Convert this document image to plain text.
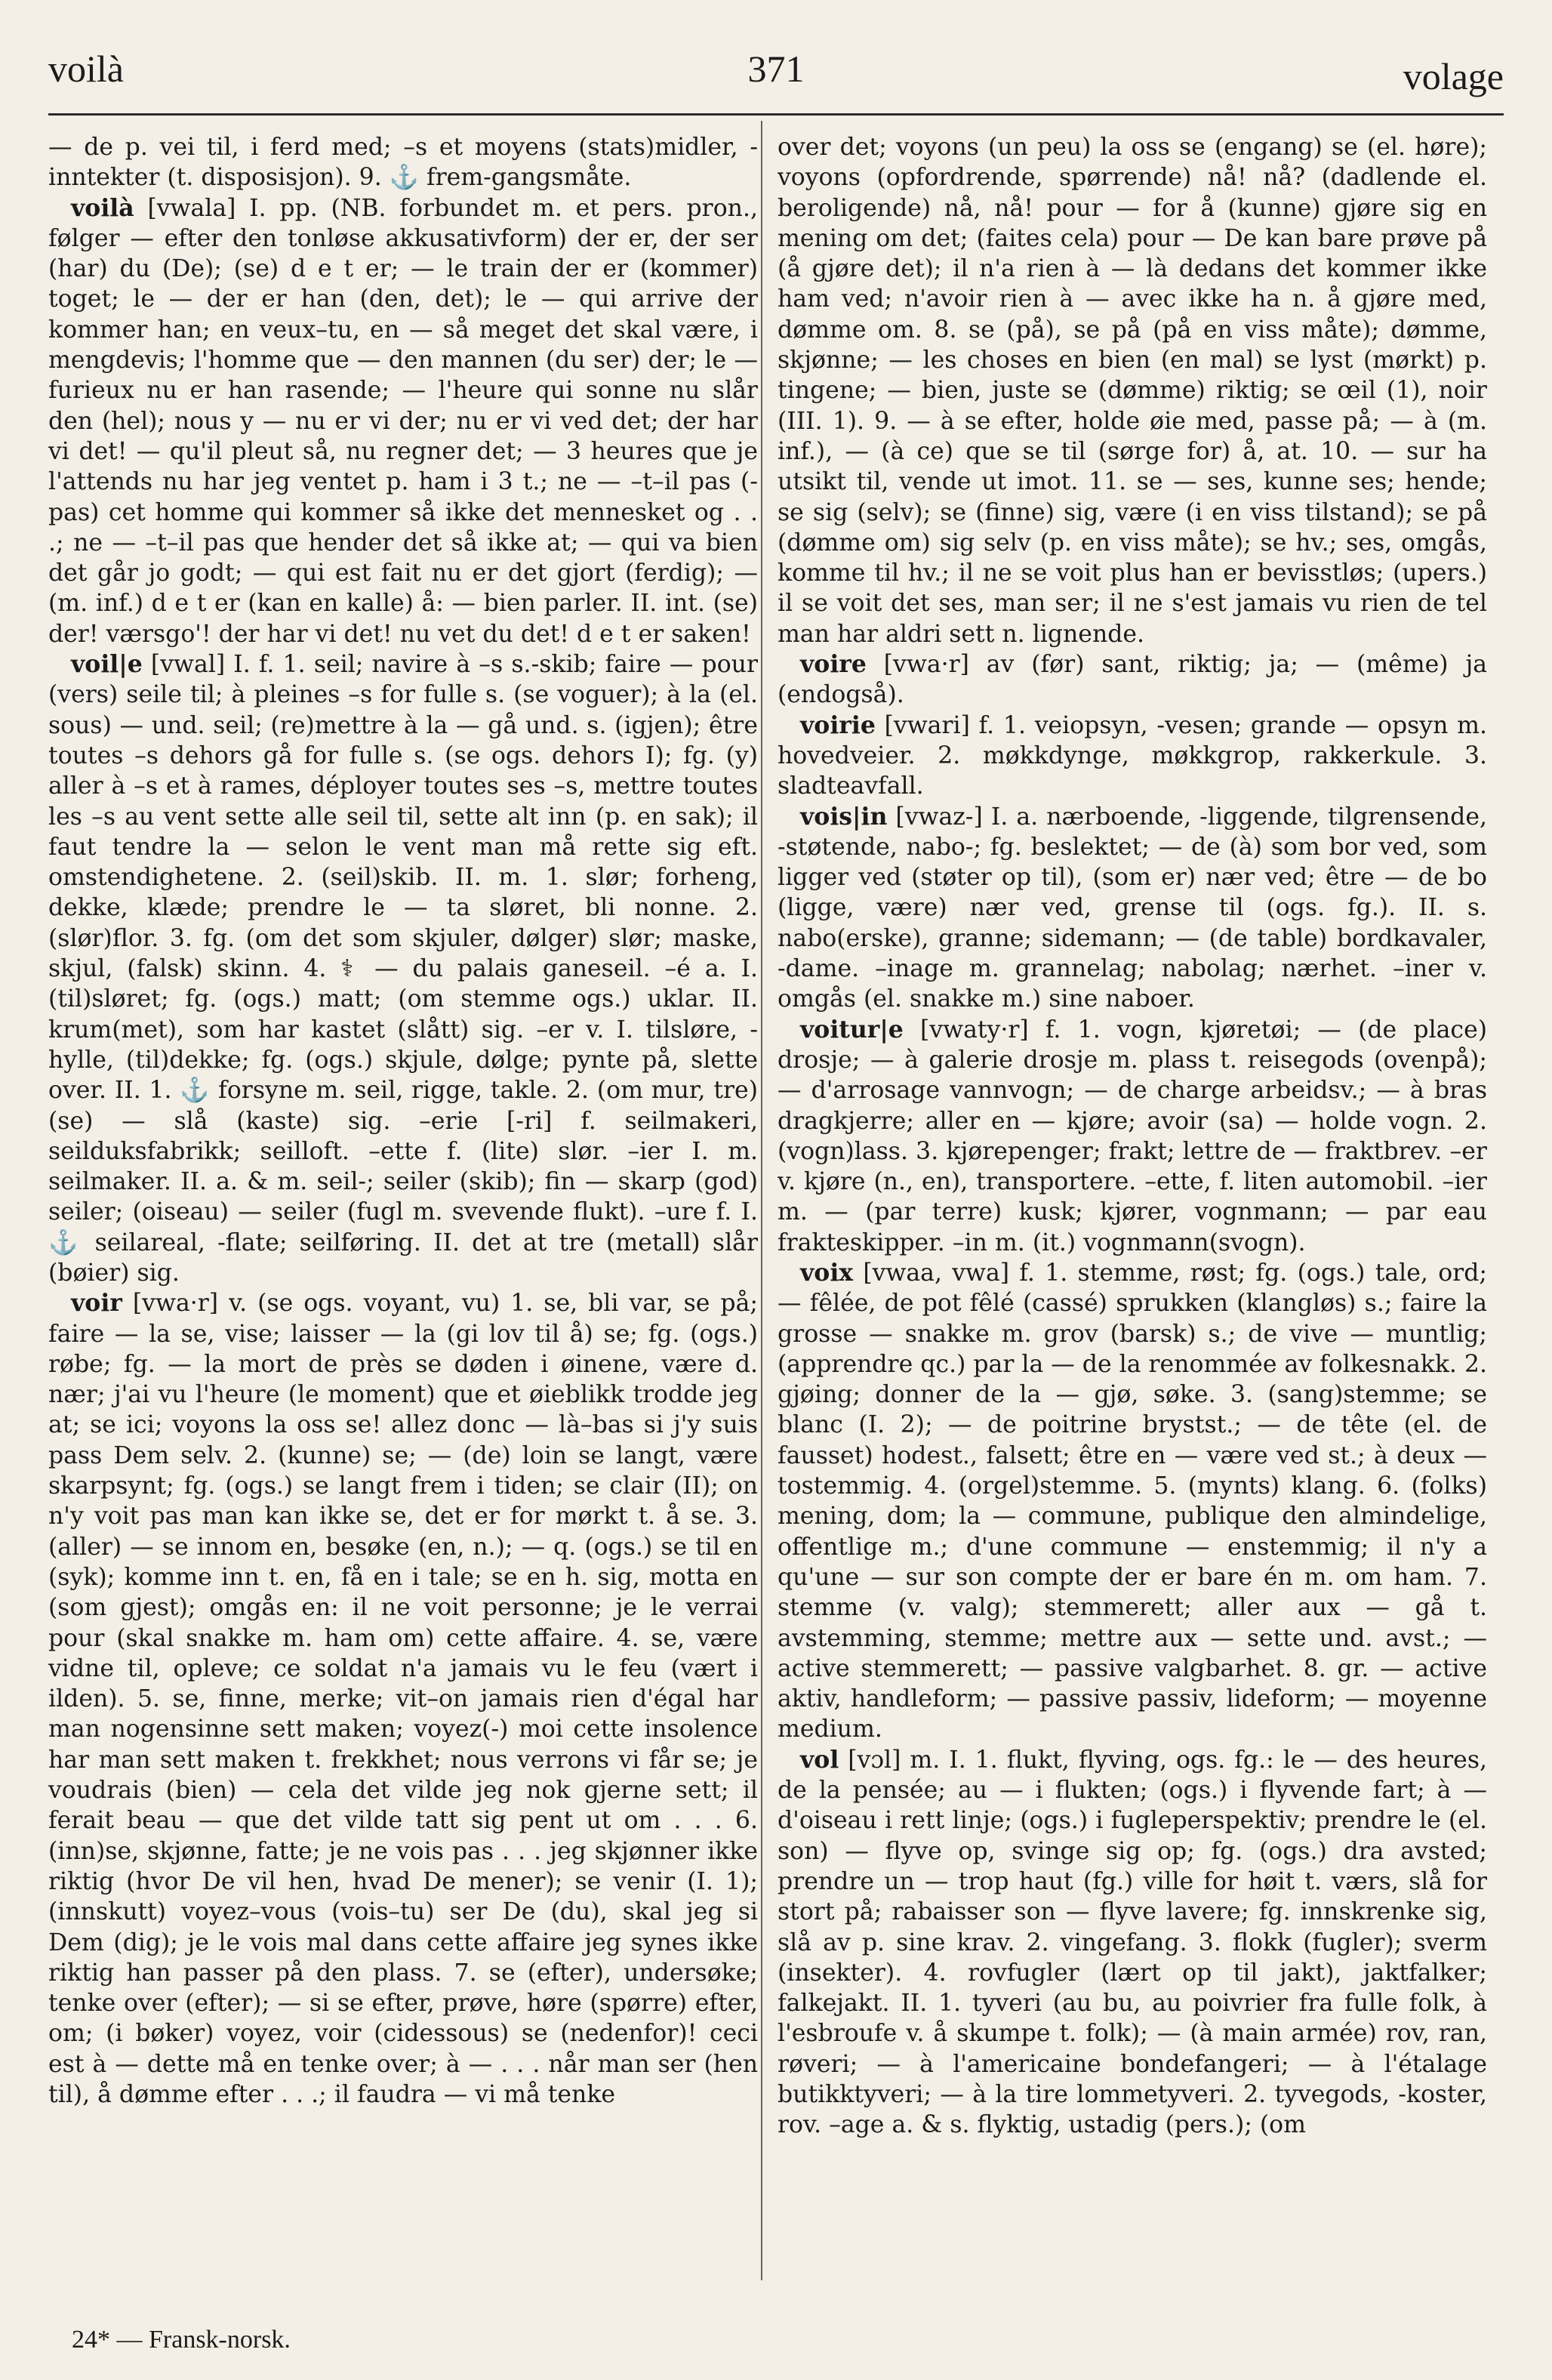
voilà	371	volage

— de p. vei til, i ferd med; –s et moyens (stats)midler, -inntekter (t. disposisjon). 9. ⚓ frem-gangsmåte.

voilà [vwala] I. pp. (NB. forbundet m. et pers. pron., følger — efter den tonløse akkusativform) der er, der ser (har) du (De); (se) d e t er; — le train der er (kommer) toget; le — der er han (den, det); le — qui arrive der kommer han; en veux–tu, en — så meget det skal være, i mengdevis; l'homme que — den mannen (du ser) der; le — furieux nu er han rasende; — l'heure qui sonne nu slår den (hel); nous y — nu er vi der; nu er vi ved det; der har vi det! — qu'il pleut så, nu regner det; — 3 heures que je l'attends nu har jeg ventet p. ham i 3 t.; ne — –t–il pas (- pas) cet homme qui kommer så ikke det mennesket og . . .; ne — –t–il pas que hender det så ikke at; — qui va bien det går jo godt; — qui est fait nu er det gjort (ferdig); — (m. inf.) d e t er (kan en kalle) å: — bien parler. II. int. (se) der! værsgo'! der har vi det! nu vet du det! d e t er saken!

voil|e [vwal] I. f. 1. seil; navire à –s s.-skib; faire — pour (vers) seile til; à pleines –s for fulle s. (se voguer); à la (el. sous) — und. seil; (re)mettre à la — gå und. s. (igjen); être toutes –s dehors gå for fulle s. (se ogs. dehors I); fg. (y) aller à –s et à rames, déployer toutes ses –s, mettre toutes les –s au vent sette alle seil til, sette alt inn (p. en sak); il faut tendre la — selon le vent man må rette sig eft. omstendighetene. 2. (seil)skib. II. m. 1. slør; forheng, dekke, klæde; prendre le — ta sløret, bli nonne. 2. (slør)flor. 3. fg. (om det som skjuler, dølger) slør; maske, skjul, (falsk) skinn. 4. ⚕ — du palais ganeseil. –é a. I. (til)sløret; fg. (ogs.) matt; (om stemme ogs.) uklar. II. krum(met), som har kastet (slått) sig. –er v. I. tilsløre, -hylle, (til)dekke; fg. (ogs.) skjule, dølge; pynte på, slette over. II. 1. ⚓ forsyne m. seil, rigge, takle. 2. (om mur, tre) (se) — slå (kaste) sig. –erie [-ri] f. seilmakeri, seilduksfabrikk; seilloft. –ette f. (lite) slør. –ier I. m. seilmaker. II. a. & m. seil-; seiler (skib); fin — skarp (god) seiler; (oiseau) — seiler (fugl m. svevende flukt). –ure f. I. ⚓ seilareal, -flate; seilføring. II. det at tre (metall) slår (bøier) sig.

voir [vwa·r] v. (se ogs. voyant, vu) 1. se, bli var, se på; faire — la se, vise; laisser — la (gi lov til å) se; fg. (ogs.) røbe; fg. — la mort de près se døden i øinene, være d. nær; j'ai vu l'heure (le moment) que et øieblikk trodde jeg at; se ici; voyons la oss se! allez donc — là–bas si j'y suis pass Dem selv. 2. (kunne) se; — (de) loin se langt, være skarpsynt; fg. (ogs.) se langt frem i tiden; se clair (II); on n'y voit pas man kan ikke se, det er for mørkt t. å se. 3. (aller) — se innom en, besøke (en, n.); — q. (ogs.) se til en (syk); komme inn t. en, få en i tale; se en h. sig, motta en (som gjest); omgås en: il ne voit personne; je le verrai pour (skal snakke m. ham om) cette affaire. 4. se, være vidne til, opleve; ce soldat n'a jamais vu le feu (vært i ilden). 5. se, finne, merke; vit–on jamais rien d'égal har man nogensinne sett maken; voyez(-) moi cette insolence har man sett maken t. frekkhet; nous verrons vi får se; je voudrais (bien) — cela det vilde jeg nok gjerne sett; il ferait beau — que det vilde tatt sig pent ut om . . . 6. (inn)se, skjønne, fatte; je ne vois pas . . . jeg skjønner ikke riktig (hvor De vil hen, hvad De mener); se venir (I. 1); (innskutt) voyez–vous (vois–tu) ser De (du), skal jeg si Dem (dig); je le vois mal dans cette affaire jeg synes ikke riktig han passer på den plass. 7. se (efter), undersøke; tenke over (efter); — si se efter, prøve, høre (spørre) efter, om; (i bøker) voyez, voir (cidessous) se (nedenfor)! ceci est à — dette må en tenke over; à — . . . når man ser (hen til), å dømme efter . . .; il faudra — vi må tenke

over det; voyons (un peu) la oss se (engang) se (el. høre); voyons (opfordrende, spørrende) nå! nå? (dadlende el. beroligende) nå, nå! pour — for å (kunne) gjøre sig en mening om det; (faites cela) pour — De kan bare prøve på (å gjøre det); il n'a rien à — là dedans det kommer ikke ham ved; n'avoir rien à — avec ikke ha n. å gjøre med, dømme om. 8. se (på), se på (på en viss måte); dømme, skjønne; — les choses en bien (en mal) se lyst (mørkt) p. tingene; — bien, juste se (dømme) riktig; se œil (1), noir (III. 1). 9. — à se efter, holde øie med, passe på; — à (m. inf.), — (à ce) que se til (sørge for) å, at. 10. — sur ha utsikt til, vende ut imot. 11. se — ses, kunne ses; hende; se sig (selv); se (finne) sig, være (i en viss tilstand); se på (dømme om) sig selv (p. en viss måte); se hv.; ses, omgås, komme til hv.; il ne se voit plus han er bevisstløs; (upers.) il se voit det ses, man ser; il ne s'est jamais vu rien de tel man har aldri sett n. lignende.

voire [vwa·r] av (før) sant, riktig; ja; — (même) ja (endogså).

voirie [vwari] f. 1. veiopsyn, -vesen; grande — opsyn m. hovedveier. 2. møkkdynge, møkkgrop, rakkerkule. 3. sladteavfall.

vois|in [vwaz-] I. a. nærboende, -liggende, tilgrensende, -støtende, nabo-; fg. beslektet; — de (à) som bor ved, som ligger ved (støter op til), (som er) nær ved; être — de bo (ligge, være) nær ved, grense til (ogs. fg.). II. s. nabo(erske), granne; sidemann; — (de table) bordkavaler, -dame. –inage m. grannelag; nabolag; nærhet. –iner v. omgås (el. snakke m.) sine naboer.

voitur|e [vwaty·r] f. 1. vogn, kjøretøi; — (de place) drosje; — à galerie drosje m. plass t. reisegods (ovenpå); — d'arrosage vannvogn; — de charge arbeidsv.; — à bras dragkjerre; aller en — kjøre; avoir (sa) — holde vogn. 2. (vogn)lass. 3. kjørepenger; frakt; lettre de — fraktbrev. –er v. kjøre (n., en), transportere. –ette, f. liten automobil. –ier m. — (par terre) kusk; kjører, vognmann; — par eau frakteskipper. –in m. (it.) vognmann(svogn).

voix [vwaa, vwa] f. 1. stemme, røst; fg. (ogs.) tale, ord; — fêlée, de pot fêlé (cassé) sprukken (klangløs) s.; faire la grosse — snakke m. grov (barsk) s.; de vive — muntlig; (apprendre qc.) par la — de la renommée av folkesnakk. 2. gjøing; donner de la — gjø, søke. 3. (sang)stemme; se blanc (I. 2); — de poitrine brystst.; — de tête (el. de fausset) hodest., falsett; être en — være ved st.; à deux — tostemmig. 4. (orgel)stemme. 5. (mynts) klang. 6. (folks) mening, dom; la — commune, publique den almindelige, offentlige m.; d'une commune — enstemmig; il n'y a qu'une — sur son compte der er bare én m. om ham. 7. stemme (v. valg); stemmerett; aller aux — gå t. avstemming, stemme; mettre aux — sette und. avst.; — active stemmerett; — passive valgbarhet. 8. gr. — active aktiv, handleform; — passive passiv, lideform; — moyenne medium.

vol [vɔl] m. I. 1. flukt, flyving, ogs. fg.: le — des heures, de la pensée; au — i flukten; (ogs.) i flyvende fart; à — d'oiseau i rett linje; (ogs.) i fugleperspektiv; prendre le (el. son) — flyve op, svinge sig op; fg. (ogs.) dra avsted; prendre un — trop haut (fg.) ville for høit t. værs, slå for stort på; rabaisser son — flyve lavere; fg. innskrenke sig, slå av p. sine krav. 2. vingefang. 3. flokk (fugler); sverm (insekter). 4. rovfugler (lært op til jakt), jaktfalker; falkejakt. II. 1. tyveri (au bu, au poivrier fra fulle folk, à l'esbroufe v. å skumpe t. folk); — (à main armée) rov, ran, røveri; — à l'americaine bondefangeri; — à l'étalage butikktyveri; — à la tire lommetyveri. 2. tyvegods, -koster, rov. –age a. & s. flyktig, ustadig (pers.); (om

24* — Fransk-norsk.
